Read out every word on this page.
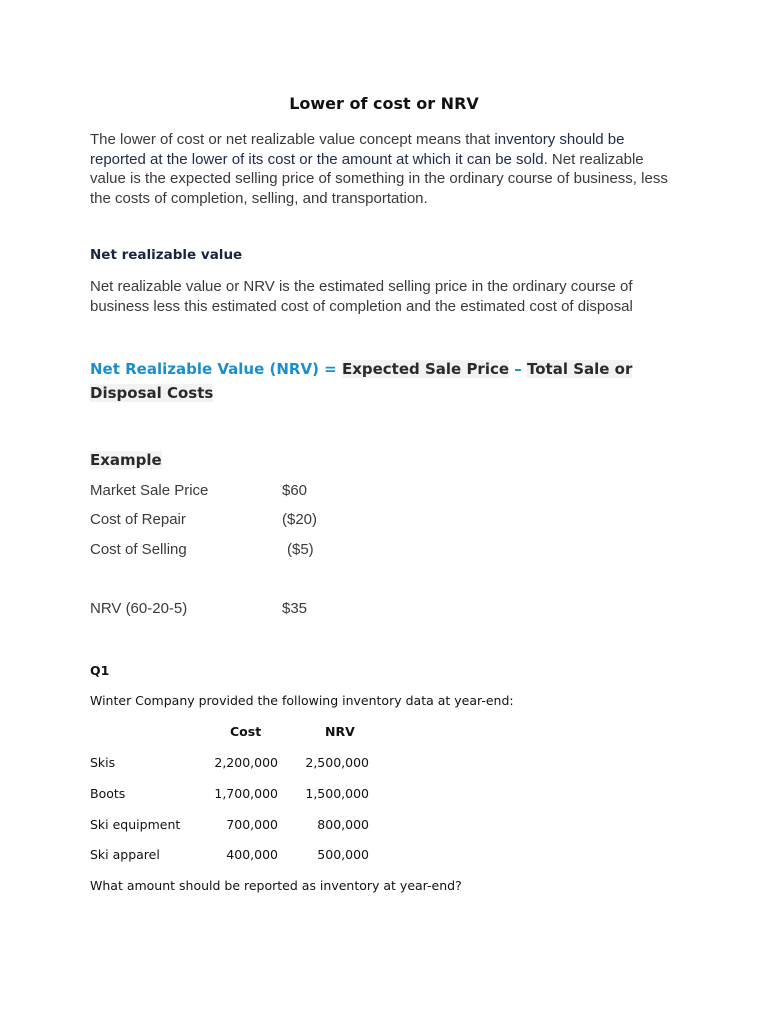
Lower of cost or NRV
The lower of cost or net realizable value concept means that inventory should be reported at the lower of its cost or the amount at which it can be sold. Net realizable value is the expected selling price of something in the ordinary course of business, less the costs of completion, selling, and transportation.
Net realizable value
Net realizable value or NRV is the estimated selling price in the ordinary course of business less this estimated cost of completion and the estimated cost of disposal
Net Realizable Value (NRV) = Expected Sale Price – Total Sale or Disposal Costs
Example
Market Sale Price	$60
Cost of Repair	($20)
Cost of Selling	($5)
NRV (60-20-5)	$35
Q1
Winter Company provided the following inventory data at year-end:
Cost	NRV
Skis	2,200,000 2,500,000
Boots	1,700,000 1,500,000
Ski equipment	700,000	800,000
Ski apparel	400,000	500,000
What amount should be reported as inventory at year-end?
